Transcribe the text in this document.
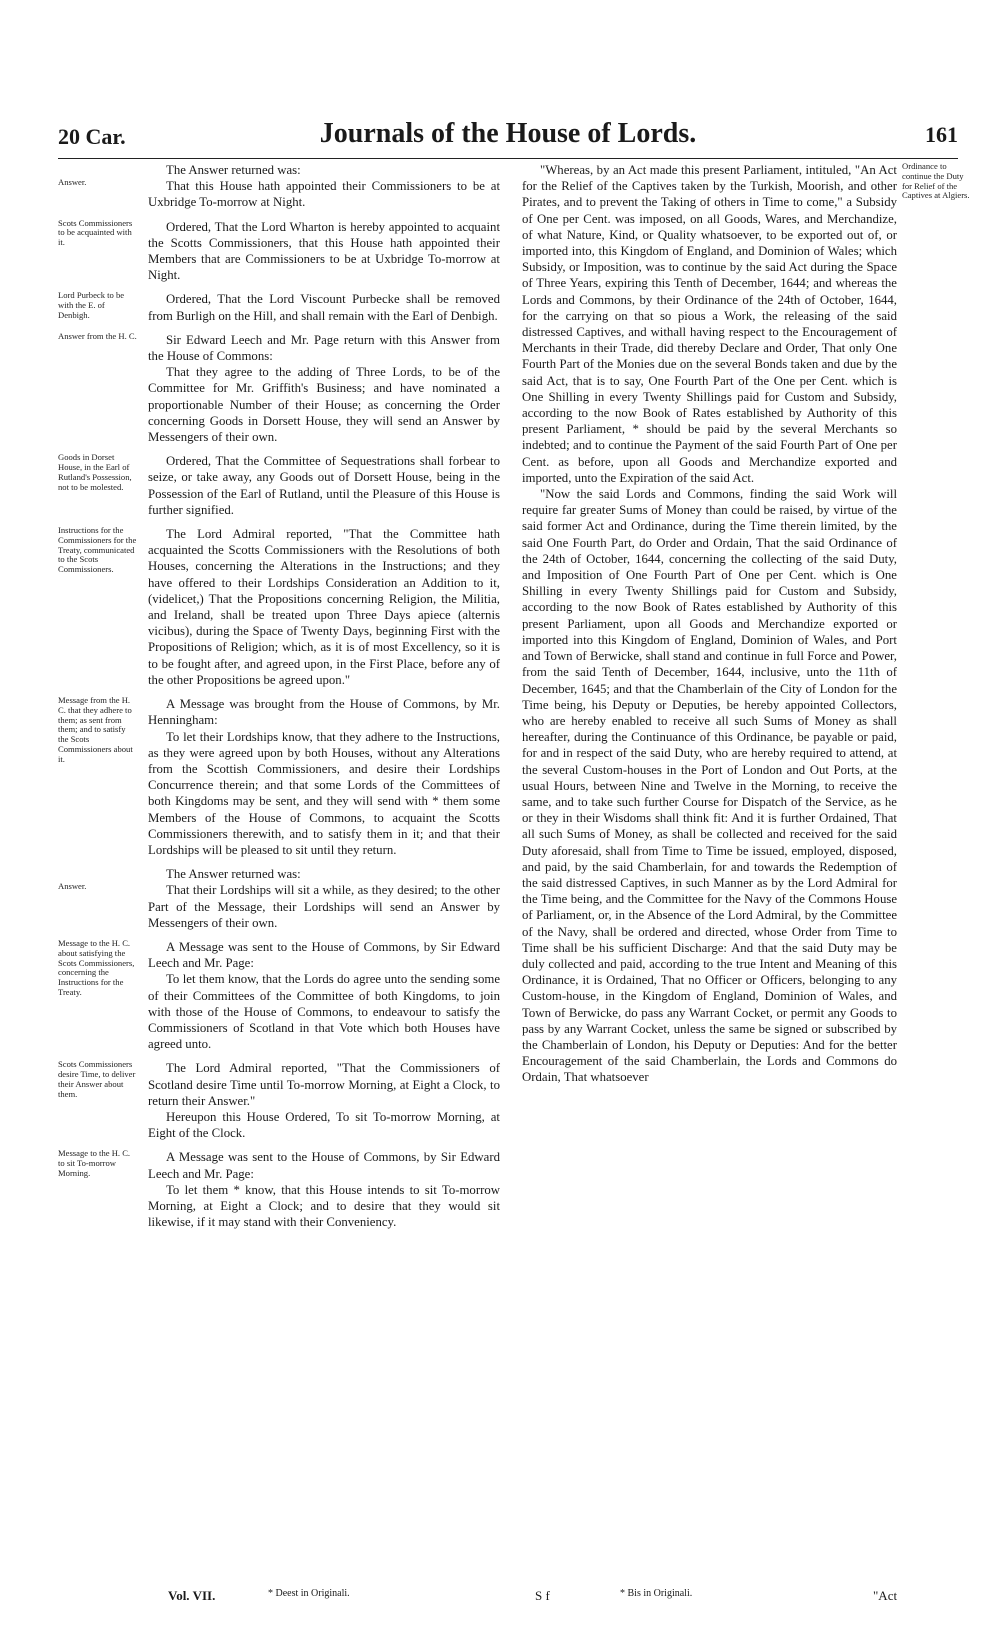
20 Car.	Journals of the House of Lords.	161

The Answer returned was:

Answer.	That this House hath appointed their Commissioners to be at Uxbridge To-morrow at Night.

Scots Commissioners to be acquainted with it.

Ordered, That the Lord Wharton is hereby appointed to acquaint the Scotts Commissioners, that this House hath appointed their Members that are Commissioners to be at Uxbridge To-morrow at Night.

Lord Purbeck to be with the E. of Denbigh.

Ordered, That the Lord Viscount Purbecke shall be removed from Burligh on the Hill, and shall remain with the Earl of Denbigh.

Answer from the H. C.	Sir Edward Leech and Mr. Page return with this Answer from the House of Commons:

That they agree to the adding of Three Lords, to be of the Committee for Mr. Griffith's Business; and have nominated a proportionable Number of their House; as concerning the Order concerning Goods in Dorsett House, they will send an Answer by Messengers of their own.

Goods in Dorset House, in the Earl of Rutland's Possession, not to be molested.

Ordered, That the Committee of Sequestrations shall forbear to seize, or take away, any Goods out of Dorsett House, being in the Possession of the Earl of Rutland, until the Pleasure of this House is further signified.

Instructions for the Commissioners for the Treaty, communicated to the Scots Commissioners.

The Lord Admiral reported, "That the Committee hath acquainted the Scotts Commissioners with the Resolutions of both Houses, concerning the Alterations in the Instructions; and they have offered to their Lordships Consideration an Addition to it, (videlicet,) That the Propositions concerning Religion, the Militia, and Ireland, shall be treated upon Three Days apiece (alternis vicibus), during the Space of Twenty Days, beginning First with the Propositions of Religion; which, as it is of most Excellency, so it is to be fought after, and agreed upon, in the First Place, before any of the other Propositions be agreed upon."

Message from the H. C. that they adhere to them; as sent from them; and to satisfy the Scots Commissioners about it.

A Message was brought from the House of Commons, by Mr. Henningham:

To let their Lordships know, that they adhere to the Instructions, as they were agreed upon by both Houses, without any Alterations from the Scottish Commissioners, and desire their Lordships Concurrence therein; and that some Lords of the Committees of both Kingdoms may be sent, and they will send with * them some Members of the House of Commons, to acquaint the Scotts Commissioners therewith, and to satisfy them in it; and that their Lordships will be pleased to sit until they return.

The Answer returned was:

Answer.	That their Lordships will sit a while, as they desired; to the other Part of the Message, their Lordships will send an Answer by Messengers of their own.

Message to the H. C. about satisfying the Scots Commissioners, concerning the Instructions for the Treaty.

A Message was sent to the House of Commons, by Sir Edward Leech and Mr. Page:

To let them know, that the Lords do agree unto the sending some of their Committees of the Committee of both Kingdoms, to join with those of the House of Commons, to endeavour to satisfy the Commissioners of Scotland in that Vote which both Houses have agreed unto.

Scots Commissioners desire Time, to deliver their Answer about them.

The Lord Admiral reported, "That the Commissioners of Scotland desire Time until To-morrow Morning, at Eight a Clock, to return their Answer."

Hereupon this House Ordered, To sit To-morrow Morning, at Eight of the Clock.

Message to the H. C. to sit To-morrow Morning.

A Message was sent to the House of Commons, by Sir Edward Leech and Mr. Page:

To let them * know, that this House intends to sit To-morrow Morning, at Eight a Clock; and to desire that they would sit likewise, if it may stand with their Conveniency.

Ordinance to continue the Duty for Relief of the Captives at Algiers.

"Whereas, by an Act made this present Parliament, intituled, "An Act for the Relief of the Captives taken by the Turkish, Moorish, and other Pirates, and to prevent the Taking of others in Time to come," a Subsidy of One per Cent. was imposed, on all Goods, Wares, and Merchandize, of what Nature, Kind, or Quality whatsoever, to be exported out of, or imported into, this Kingdom of England, and Dominion of Wales; which Subsidy, or Imposition, was to continue by the said Act during the Space of Three Years, expiring this Tenth of December, 1644; and whereas the Lords and Commons, by their Ordinance of the 24th of October, 1644, for the carrying on that so pious a Work, the releasing of the said distressed Captives, and withall having respect to the Encouragement of Merchants in their Trade, did thereby Declare and Order, That only One Fourth Part of the Monies due on the several Bonds taken and due by the said Act, that is to say, One Fourth Part of the One per Cent. which is One Shilling in every Twenty Shillings paid for Custom and Subsidy, according to the now Book of Rates established by Authority of this present Parliament, * should be paid by the several Merchants so indebted; and to continue the Payment of the said Fourth Part of One per Cent. as before, upon all Goods and Merchandize exported and imported, unto the Expiration of the said Act.

"Now the said Lords and Commons, finding the said Work will require far greater Sums of Money than could be raised, by virtue of the said former Act and Ordinance, during the Time therein limited, by the said One Fourth Part, do Order and Ordain, That the said Ordinance of the 24th of October, 1644, concerning the collecting of the said Duty, and Imposition of One Fourth Part of One per Cent. which is One Shilling in every Twenty Shillings paid for Custom and Subsidy, according to the now Book of Rates established by Authority of this present Parliament, upon all Goods and Merchandize exported or imported into this Kingdom of England, Dominion of Wales, and Port and Town of Berwicke, shall stand and continue in full Force and Power, from the said Tenth of December, 1644, inclusive, unto the 11th of December, 1645; and that the Chamberlain of the City of London for the Time being, his Deputy or Deputies, be hereby appointed Collectors, who are hereby enabled to receive all such Sums of Money as shall hereafter, during the Continuance of this Ordinance, be payable or paid, for and in respect of the said Duty, who are hereby required to attend, at the several Custom-houses in the Port of London and Out Ports, at the usual Hours, between Nine and Twelve in the Morning, to receive the same, and to take such further Course for Dispatch of the Service, as he or they in their Wisdoms shall think fit: And it is further Ordained, That all such Sums of Money, as shall be collected and received for the said Duty aforesaid, shall from Time to Time be issued, employed, disposed, and paid, by the said Chamberlain, for and towards the Redemption of the said distressed Captives, in such Manner as by the Lord Admiral for the Time being, and the Committee for the Navy of the Commons House of Parliament, or, in the Absence of the Lord Admiral, by the Committee of the Navy, shall be ordered and directed, whose Order from Time to Time shall be his sufficient Discharge: And that the said Duty may be duly collected and paid, according to the true Intent and Meaning of this Ordinance, it is Ordained, That no Officer or Officers, belonging to any Custom-house, in the Kingdom of England, Dominion of Wales, and Town of Berwicke, do pass any Warrant Cocket, or permit any Goods to pass by any Warrant Cocket, unless the same be signed or subscribed by the Chamberlain of London, his Deputy or Deputies: And for the better Encouragement of the said Chamberlain, the Lords and Commons do Ordain, That whatsoever

Vol. VII.	* Deest in Originali.	S f	* Bis in Originali.	"Act
